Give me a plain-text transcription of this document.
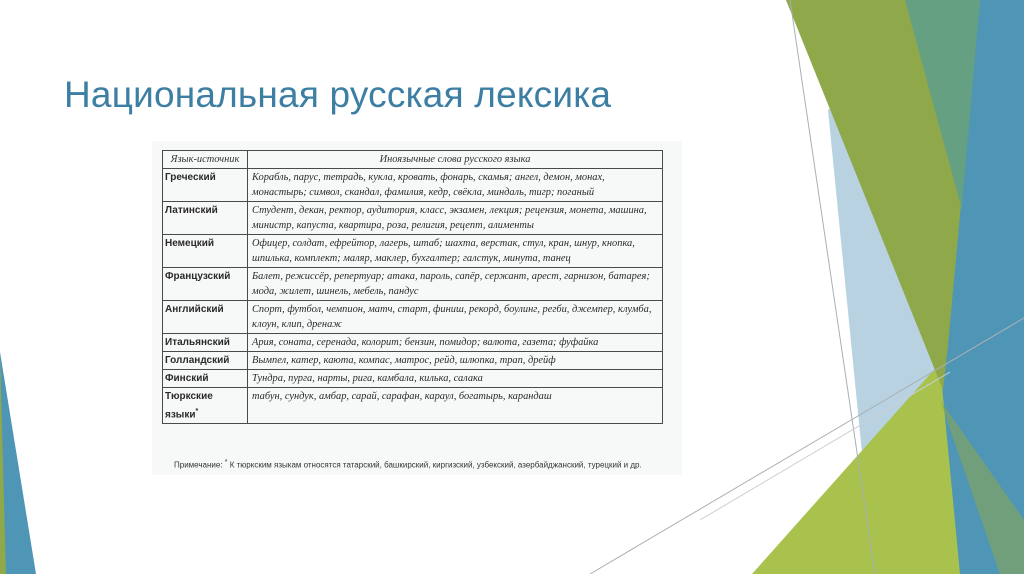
Национальная русская лексика
Язык-источник	Иноязычные слова русского языка
Греческий	Корабль, парус, тетрадь, кукла, кровать, фонарь, скамья; ангел, демон, монах, монастырь; символ, скандал, фамилия, кедр, свёкла, миндаль, тигр; поганый
Латинский	Студент, декан, ректор, аудитория, класс, экзамен, лекция; рецензия, монета, машина, министр, капуста, квартира, роза, религия, рецепт, алименты
Немецкий	Офицер, солдат, ефрейтор, лагерь, штаб; шахта, верстак, стул, кран, шнур, кнопка, шпилька, комплект; маляр, маклер, бухгалтер; галстук, минута, танец
Французский	Балет, режиссёр, репертуар; атака, пароль, сапёр, сержант, арест, гарнизон, батарея; мода, жилет, шинель, мебель, пандус
Английский	Спорт, футбол, чемпион, матч, старт, финиш, рекорд, боулинг, регби, джемпер, клумба, клоун, клип, дренаж
Итальянский	Ария, соната, серенада, колорит; бензин, помидор; валюта, газета; фуфайка
Голландский	Вымпел, катер, каюта, компас, матрос, рейд, шлюпка, трап, дрейф
Финский	Тундра, пурга, нарты, рига, камбала, килька, салака
Тюркские языки*	табун, сундук, амбар, сарай, сарафан, караул, богатырь, карандаш
Примечание: * К тюркским языкам относятся татарский, башкирский, киргизский, узбекский, азербайджанский, турецкий и др.
